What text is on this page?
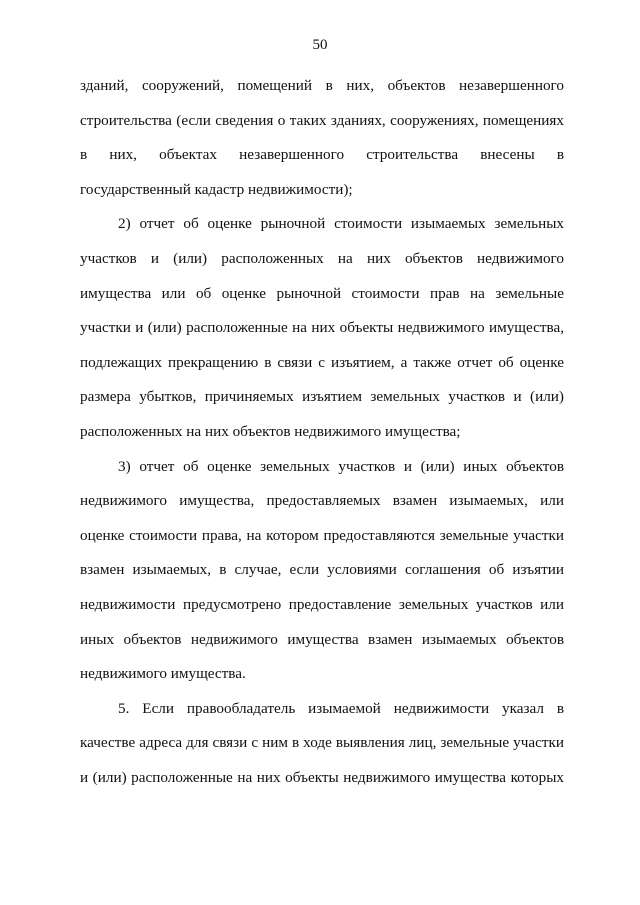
50

зданий, сооружений, помещений в них, объектов незавершенного строительства (если сведения о таких зданиях, сооружениях, помещениях в них, объектах незавершенного строительства внесены в государственный кадастр недвижимости);

2) отчет об оценке рыночной стоимости изымаемых земельных участков и (или) расположенных на них объектов недвижимого имущества или об оценке рыночной стоимости прав на земельные участки и (или) расположенные на них объекты недвижимого имущества, подлежащих прекращению в связи с изъятием, а также отчет об оценке размера убытков, причиняемых изъятием земельных участков и (или) расположенных на них объектов недвижимого имущества;

3) отчет об оценке земельных участков и (или) иных объектов недвижимого имущества, предоставляемых взамен изымаемых, или оценке стоимости права, на котором предоставляются земельные участки взамен изымаемых, в случае, если условиями соглашения об изъятии недвижимости предусмотрено предоставление земельных участков или иных объектов недвижимого имущества взамен изымаемых объектов недвижимого имущества.

5. Если правообладатель изымаемой недвижимости указал в качестве адреса для связи с ним в ходе выявления лиц, земельные участки и (или) расположенные на них объекты недвижимого имущества которых
